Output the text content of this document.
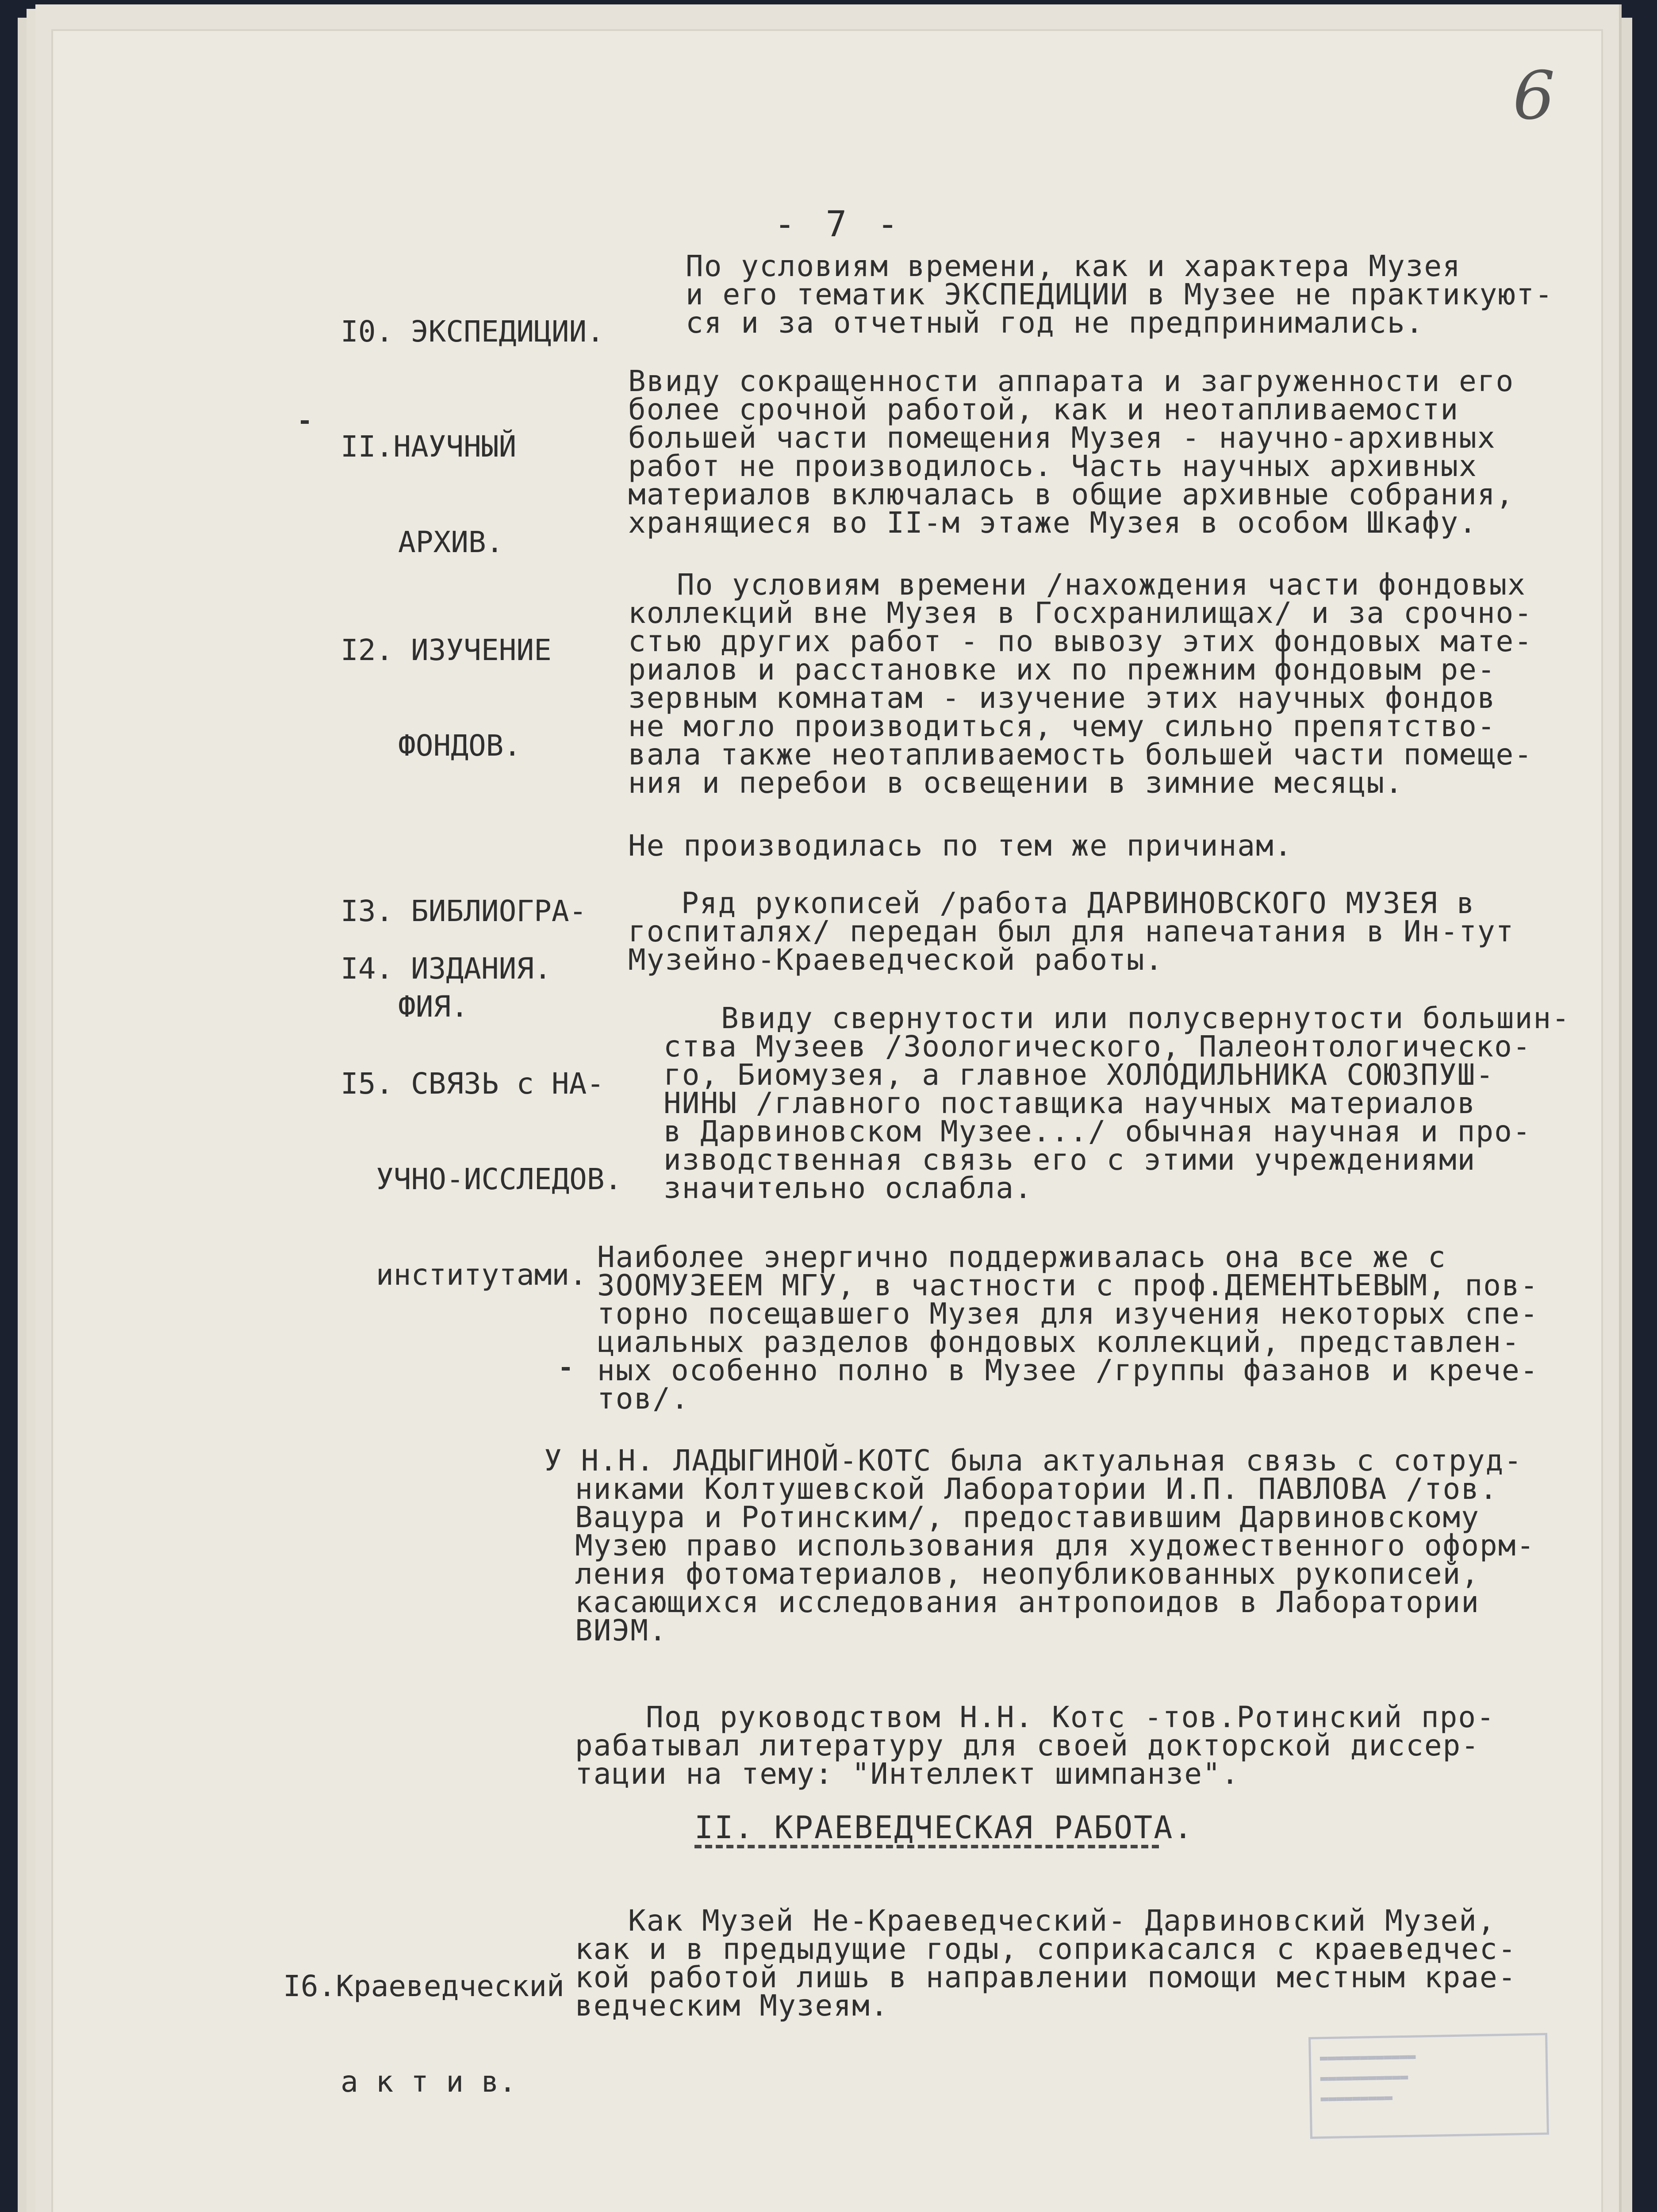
6
- 7 -

I0. ЭКСПЕДИЦИИ.

По условиям времени, как и характера Музея
и его тематик ЭКСПЕДИЦИИ в Музее не практикуют-
ся и за отчетный год не предпринимались.

II.НАУЧНЫЙ

АРХИВ.

Ввиду сокращенности аппарата и загруженности его
более срочной работой, как и неотапливаемости
большей части помещения Музея - научно-архивных
работ не производилось. Часть научных архивных
материалов включалась в общие архивные собрания,
хранящиеся во II-м этаже Музея в особом Шкафу.

I2. ИЗУЧЕНИЕ

ФОНДОВ.

По условиям времени /нахождения части фондовых
коллекций вне Музея в Госхранилищах/ и за срочно-
стью других работ - по вывозу этих фондовых мате-
риалов и расстановке их по прежним фондовым ре-
зервным комнатам - изучение этих научных фондов
не могло производиться, чему сильно препятство-
вала также неотапливаемость большей части помеще-
ния и перебои в освещении в зимние месяцы.

I3. БИБЛИОГРА-

ФИЯ.

Не производилась по тем же причинам.

I4. ИЗДАНИЯ.

Ряд рукописей /работа ДАРВИНОВСКОГО МУЗЕЯ в
госпиталях/ передан был для напечатания в Ин-тут
Музейно-Краеведческой работы.

I5. СВЯЗЬ с НА-

УЧНО-ИССЛЕДОВ.

институтами.

Ввиду свернутости или полусвернутости большин-
ства Музеев /Зоологического, Палеонтологическо-
го, Биомузея, а главное ХОЛОДИЛЬНИКА СОЮЗПУШ-
НИНЫ /главного поставщика научных материалов
в Дарвиновском Музее.../ обычная научная и про-
изводственная связь его с этими учреждениями
значительно ослабла.
Наиболее энергично поддерживалась она все же с
ЗООМУЗЕЕМ МГУ, в частности с проф.ДЕМЕНТЬЕВЫМ, пов-
торно посещавшего Музея для изучения некоторых спе-
циальных разделов фондовых коллекций, представлен-
ных особенно полно в Музее /группы фазанов и кречe-
тов/.
У Н.Н. ЛАДЫГИНОЙ-КОТС была актуальная связь с сотруд-
никами Колтушевской Лаборатории И.П. ПАВЛОВА /тов.
Вацура и Ротинским/, предоставившим Дарвиновскому
Музею право использования для художественного оформ-
ления фотоматериалов, неопубликованных рукописей,
касающихся исследования антропоидов в Лаборатории
ВИЭМ.
Под руководством Н.Н. Котс -тов.Ротинский про-
рабатывал литературу для своей докторской диссер-
тации на тему: "Интеллект шимпанзе".
II. КРАЕВЕДЧЕСКАЯ РАБОТА.

I6.Краеведческий

а к т и в.

Как Музей Не-Краеведческий- Дарвиновский Музей,
как и в предыдущие годы, соприкасался с краеведчес-
кой работой лишь в направлении помощи местным крае-
ведческим Музеям.
▬▬▬▬▬▬▬▬▬▬▬▬
▬▬▬▬▬▬▬▬▬▬▬
▬▬▬▬▬▬▬▬▬
